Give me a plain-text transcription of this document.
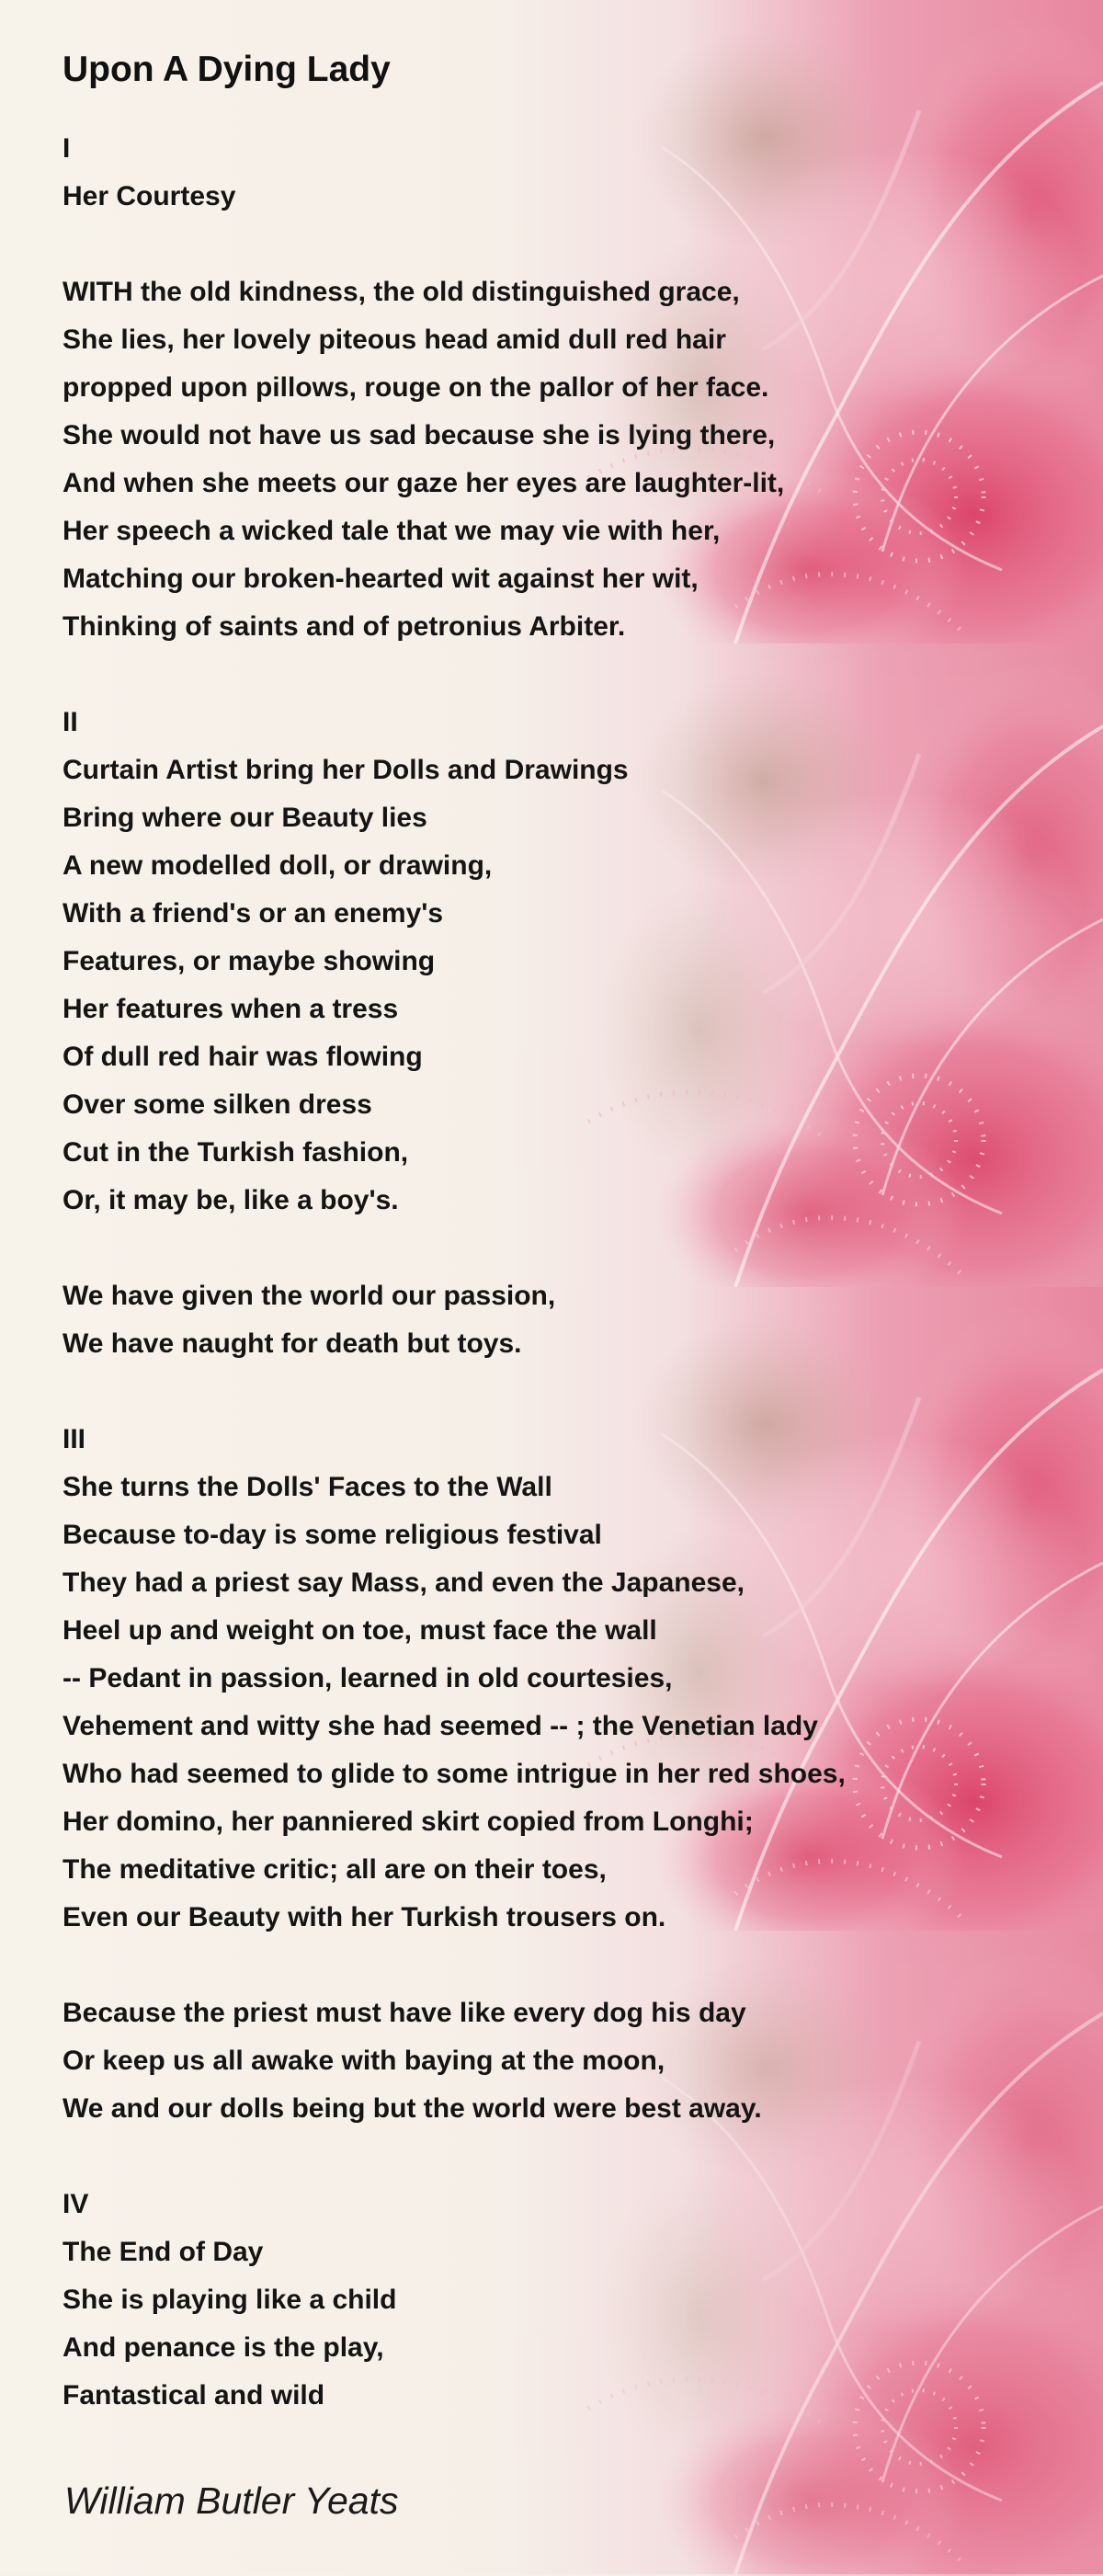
Upon A Dying Lady
I
Her Courtesy
WITH the old kindness, the old distinguished grace,
She lies, her lovely piteous head amid dull red hair
propped upon pillows, rouge on the pallor of her face.
She would not have us sad because she is lying there,
And when she meets our gaze her eyes are laughter-lit,
Her speech a wicked tale that we may vie with her,
Matching our broken-hearted wit against her wit,
Thinking of saints and of petronius Arbiter.
II
Curtain Artist bring her Dolls and Drawings
Bring where our Beauty lies
A new modelled doll, or drawing,
With a friend's or an enemy's
Features, or maybe showing
Her features when a tress
Of dull red hair was flowing
Over some silken dress
Cut in the Turkish fashion,
Or, it may be, like a boy's.
We have given the world our passion,
We have naught for death but toys.
III
She turns the Dolls' Faces to the Wall
Because to-day is some religious festival
They had a priest say Mass, and even the Japanese,
Heel up and weight on toe, must face the wall
-- Pedant in passion, learned in old courtesies,
Vehement and witty she had seemed -- ; the Venetian lady
Who had seemed to glide to some intrigue in her red shoes,
Her domino, her panniered skirt copied from Longhi;
The meditative critic; all are on their toes,
Even our Beauty with her Turkish trousers on.
Because the priest must have like every dog his day
Or keep us all awake with baying at the moon,
We and our dolls being but the world were best away.
IV
The End of Day
She is playing like a child
And penance is the play,
Fantastical and wild
William Butler Yeats
